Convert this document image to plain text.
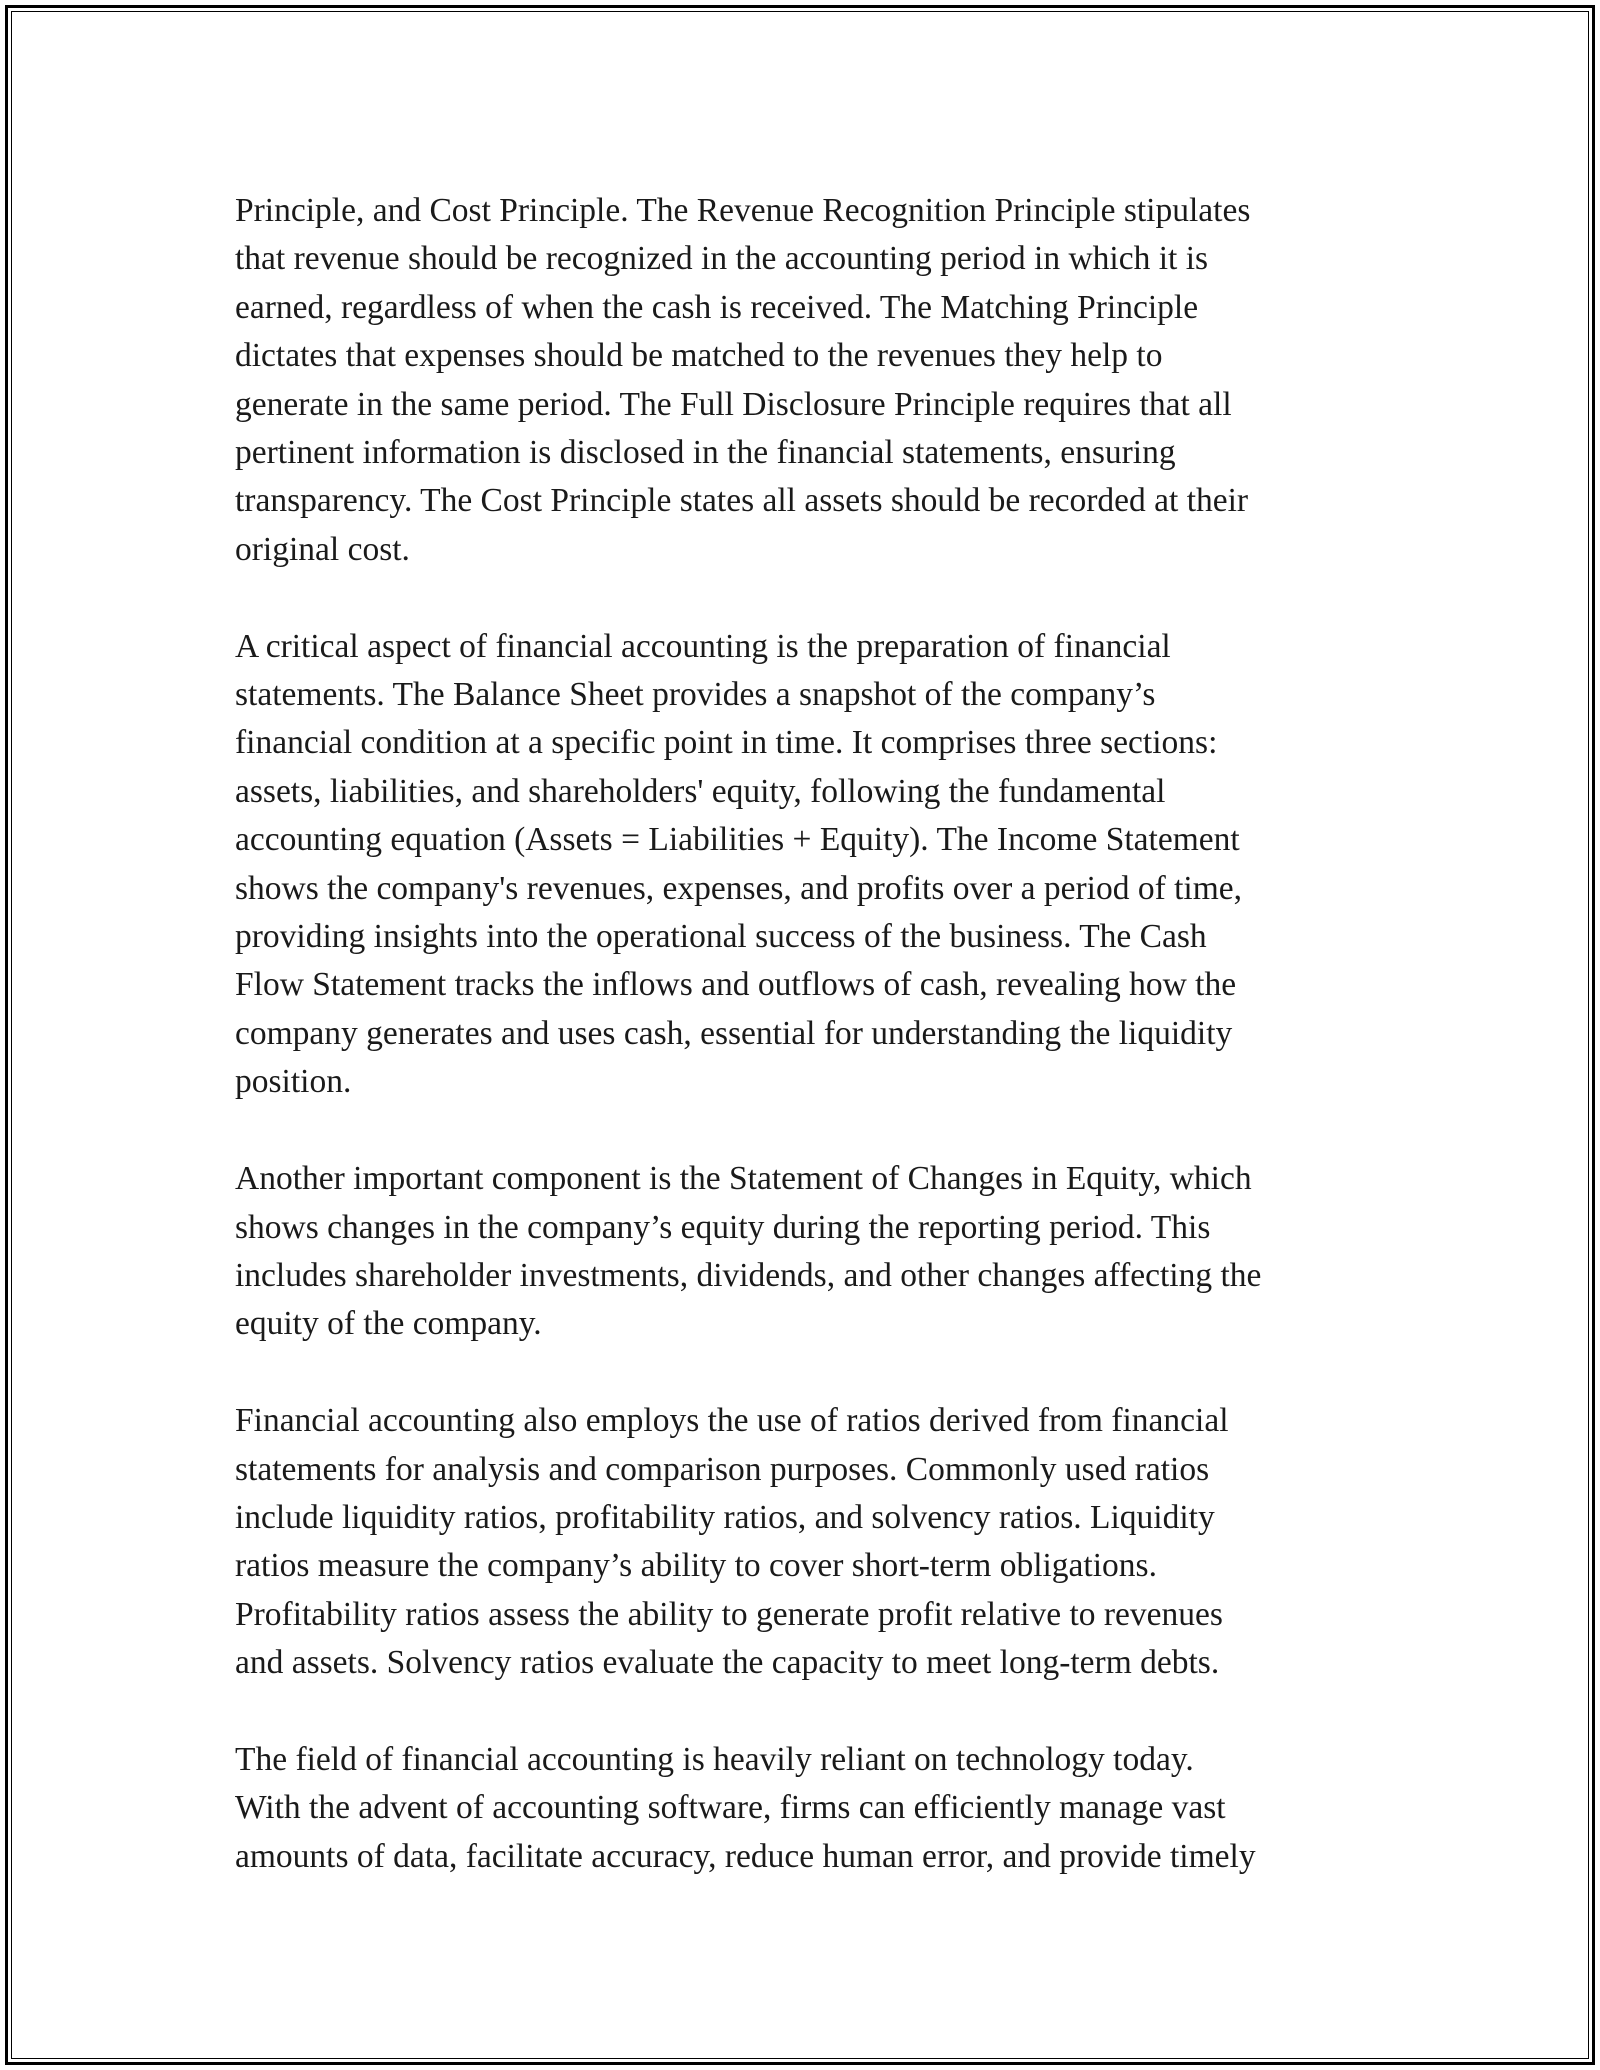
Principle, and Cost Principle. The Revenue Recognition Principle stipulates
that revenue should be recognized in the accounting period in which it is
earned, regardless of when the cash is received. The Matching Principle
dictates that expenses should be matched to the revenues they help to
generate in the same period. The Full Disclosure Principle requires that all
pertinent information is disclosed in the financial statements, ensuring
transparency. The Cost Principle states all assets should be recorded at their
original cost.

A critical aspect of financial accounting is the preparation of financial
statements. The Balance Sheet provides a snapshot of the company’s
financial condition at a specific point in time. It comprises three sections:
assets, liabilities, and shareholders' equity, following the fundamental
accounting equation (Assets = Liabilities + Equity). The Income Statement
shows the company's revenues, expenses, and profits over a period of time,
providing insights into the operational success of the business. The Cash
Flow Statement tracks the inflows and outflows of cash, revealing how the
company generates and uses cash, essential for understanding the liquidity
position.

Another important component is the Statement of Changes in Equity, which
shows changes in the company’s equity during the reporting period. This
includes shareholder investments, dividends, and other changes affecting the
equity of the company.

Financial accounting also employs the use of ratios derived from financial
statements for analysis and comparison purposes. Commonly used ratios
include liquidity ratios, profitability ratios, and solvency ratios. Liquidity
ratios measure the company’s ability to cover short-term obligations.
Profitability ratios assess the ability to generate profit relative to revenues
and assets. Solvency ratios evaluate the capacity to meet long-term debts.

The field of financial accounting is heavily reliant on technology today.
With the advent of accounting software, firms can efficiently manage vast
amounts of data, facilitate accuracy, reduce human error, and provide timely
